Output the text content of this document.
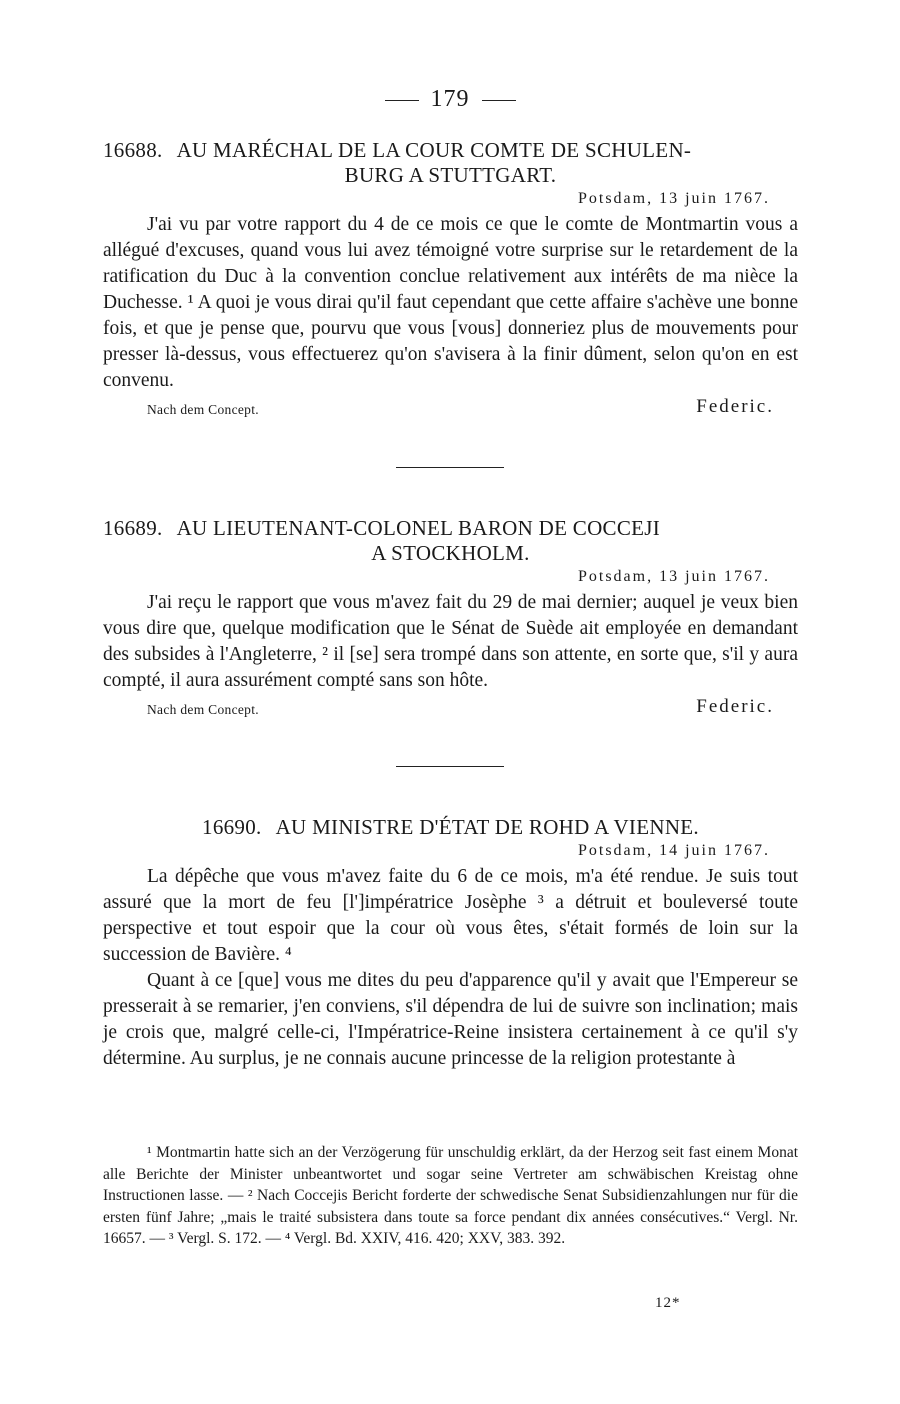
179
16688. AU MARÉCHAL DE LA COUR COMTE DE SCHULEN-
BURG A STUTTGART.
Potsdam, 13 juin 1767.

J'ai vu par votre rapport du 4 de ce mois ce que le comte de Montmartin vous a allégué d'excuses, quand vous lui avez témoigné votre surprise sur le retardement de la ratification du Duc à la convention conclue relativement aux intérêts de ma nièce la Duchesse. ¹ A quoi je vous dirai qu'il faut cependant que cette affaire s'achève une bonne fois, et que je pense que, pourvu que vous [vous] donneriez plus de mouvements pour presser là-dessus, vous effectuerez qu'on s'avisera à la finir dûment, selon qu'on en est convenu.

Nach dem Concept.	Federic.
16689. AU LIEUTENANT-COLONEL BARON DE COCCEJI
A STOCKHOLM.
Potsdam, 13 juin 1767.

J'ai reçu le rapport que vous m'avez fait du 29 de mai dernier; auquel je veux bien vous dire que, quelque modification que le Sénat de Suède ait employée en demandant des subsides à l'Angleterre, ² il [se] sera trompé dans son attente, en sorte que, s'il y aura compté, il aura assurément compté sans son hôte.

Nach dem Concept.	Federic.
16690. AU MINISTRE D'ÉTAT DE ROHD A VIENNE.
Potsdam, 14 juin 1767.

La dépêche que vous m'avez faite du 6 de ce mois, m'a été rendue. Je suis tout assuré que la mort de feu [l']impératrice Josèphe ³ a détruit et bouleversé toute perspective et tout espoir que la cour où vous êtes, s'était formés de loin sur la succession de Bavière. ⁴

Quant à ce [que] vous me dites du peu d'apparence qu'il y avait que l'Empereur se presserait à se remarier, j'en conviens, s'il dépendra de lui de suivre son inclination; mais je crois que, malgré celle-ci, l'Impératrice-Reine insistera certainement à ce qu'il s'y détermine. Au surplus, je ne connais aucune princesse de la religion protestante à

¹ Montmartin hatte sich an der Verzögerung für unschuldig erklärt, da der Herzog seit fast einem Monat alle Berichte der Minister unbeantwortet und sogar seine Vertreter am schwäbischen Kreistag ohne Instructionen lasse. — ² Nach Coccejis Bericht forderte der schwedische Senat Subsidienzahlungen nur für die ersten fünf Jahre; „mais le traité subsistera dans toute sa force pendant dix années consécutives.“ Vergl. Nr. 16657. — ³ Vergl. S. 172. — ⁴ Vergl. Bd. XXIV, 416. 420; XXV, 383. 392.

12*
